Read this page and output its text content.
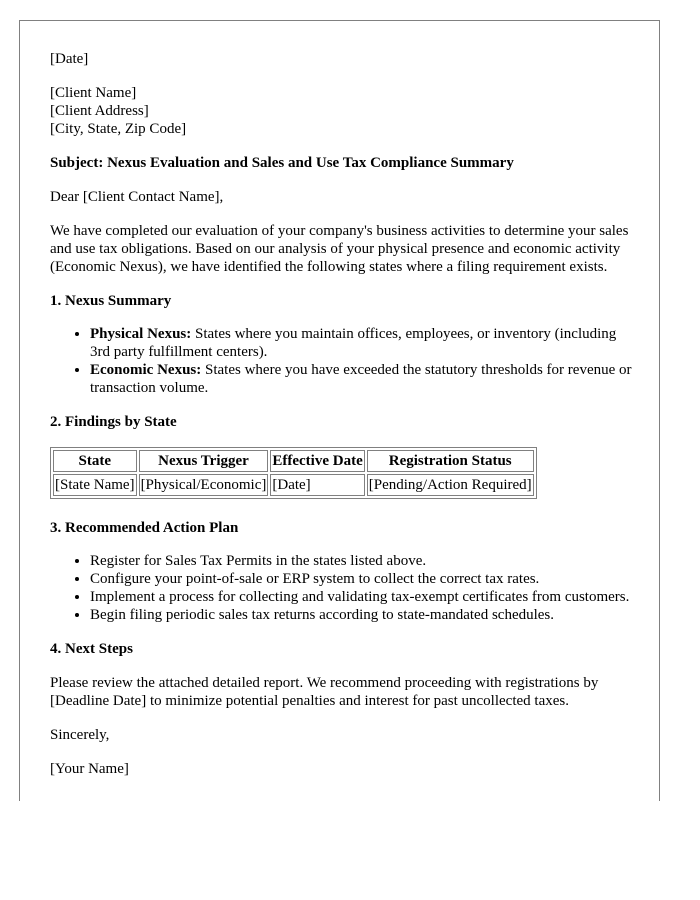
[Date]

[Client Name]
[Client Address]
[City, State, Zip Code]

Subject: Nexus Evaluation and Sales and Use Tax Compliance Summary

Dear [Client Contact Name],

We have completed our evaluation of your company's business activities to determine your sales and use tax obligations. Based on our analysis of your physical presence and economic activity (Economic Nexus), we have identified the following states where a filing requirement exists.

1. Nexus Summary
• Physical Nexus: States where you maintain offices, employees, or inventory (including 3rd party fulfillment centers).
• Economic Nexus: States where you have exceeded the statutory thresholds for revenue or transaction volume.
2. Findings by State
State	Nexus Trigger	Effective Date	Registration Status
[State Name]	[Physical/Economic]	[Date]	[Pending/Action Required]
3. Recommended Action Plan
• Register for Sales Tax Permits in the states listed above.
• Configure your point-of-sale or ERP system to collect the correct tax rates.
• Implement a process for collecting and validating tax-exempt certificates from customers.
• Begin filing periodic sales tax returns according to state-mandated schedules.
4. Next Steps

Please review the attached detailed report. We recommend proceeding with registrations by [Deadline Date] to minimize potential penalties and interest for past uncollected taxes.

Sincerely,

[Your Name]
